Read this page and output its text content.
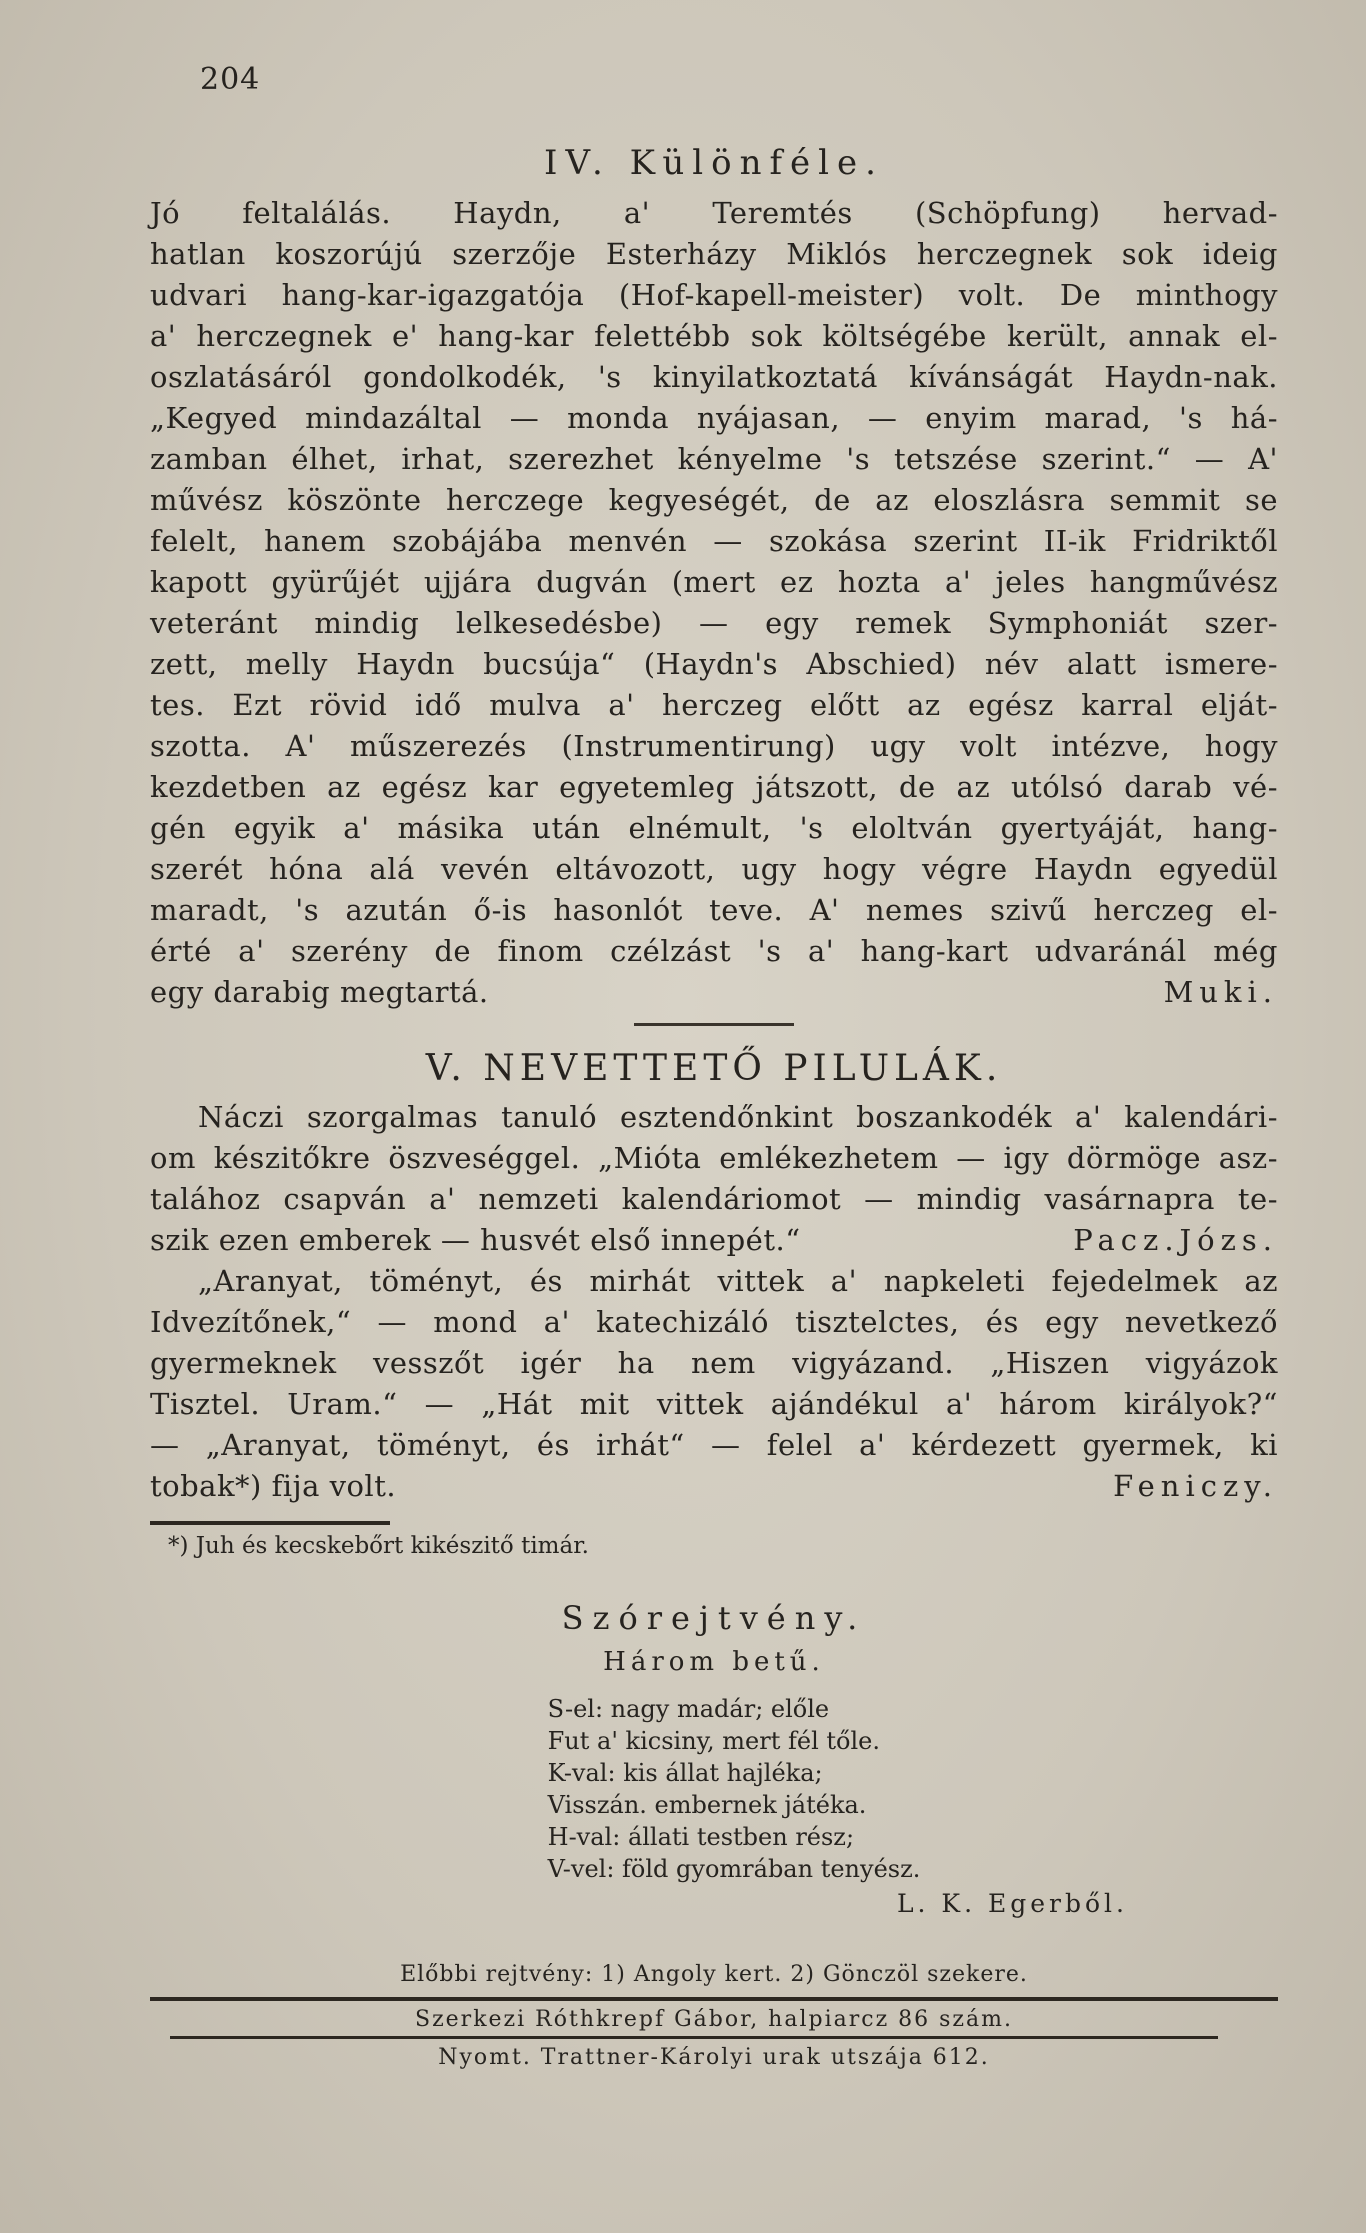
204
IV. Különféle.

Jó feltalálás. Haydn, a' Teremtés (Schöpfung) hervad-
hatlan koszorújú szerzője Esterházy Miklós herczegnek sok ideig
udvari hang-kar-igazgatója (Hof-kapell-meister) volt. De minthogy
a' herczegnek e' hang-kar felettébb sok költségébe került, annak el-
oszlatásáról gondolkodék, 's kinyilatkoztatá kívánságát Haydn-nak.
„Kegyed mindazáltal — monda nyájasan, — enyim marad, 's há-
zamban élhet, irhat, szerezhet kényelme 's tetszése szerint.“ — A'
művész köszönte herczege kegyeségét, de az eloszlásra semmit se
felelt, hanem szobájába menvén — szokása szerint II-ik Fridriktől
kapott gyürűjét ujjára dugván (mert ez hozta a' jeles hangművész
veteránt mindig lelkesedésbe) — egy remek Symphoniát szer-
zett, melly Haydn bucsúja“ (Haydn's Abschied) név alatt ismere-
tes. Ezt rövid idő mulva a' herczeg előtt az egész karral elját-
szotta. A' műszerezés (Instrumentirung) ugy volt intézve, hogy
kezdetben az egész kar egyetemleg játszott, de az utólsó darab vé-
gén egyik a' másika után elnémult, 's eloltván gyertyáját, hang-
szerét hóna alá vevén eltávozott, ugy hogy végre Haydn egyedül
maradt, 's azután ő-is hasonlót teve. A' nemes szivű herczeg el-
érté a' szerény de finom czélzást 's a' hang-kart udvaránál még
egy darabig megtartá.	Muki.

V. NEVETTETŐ PILULÁK.

Náczi szorgalmas tanuló esztendőnkint boszankodék a' kalendári-
om készitőkre öszveséggel. „Mióta emlékezhetem — igy dörmöge asz-
talához csapván a' nemzeti kalendáriomot — mindig vasárnapra te-
szik ezen emberek — husvét első innepét.“	Pacz.Józs.

„Aranyat, töményt, és mirhát vittek a' napkeleti fejedelmek az
Idvezítőnek,“ — mond a' katechizáló tisztelctes, és egy nevetkező
gyermeknek vesszőt igér ha nem vigyázand. „Hiszen vigyázok
Tisztel. Uram.“ — „Hát mit vittek ajándékul a' három királyok?“
— „Aranyat, töményt, és irhát“ — felel a' kérdezett gyermek, ki
tobak*) fija volt.	Feniczy.

*) Juh és kecskebőrt kikészitő timár.
Szórejtvény.
Három betű.
S-el: nagy madár; előle
Fut a' kicsiny, mert fél tőle.
K-val: kis állat hajléka;
Visszán. embernek játéka.
H-val: állati testben rész;
V-vel: föld gyomrában tenyész.
L. K. Egerből.
Előbbi rejtvény: 1) Angoly kert. 2) Gönczöl szekere.
Szerkezi Róthkrepf Gábor, halpiarcz 86 szám.
Nyomt. Trattner-Károlyi urak utszája 612.
